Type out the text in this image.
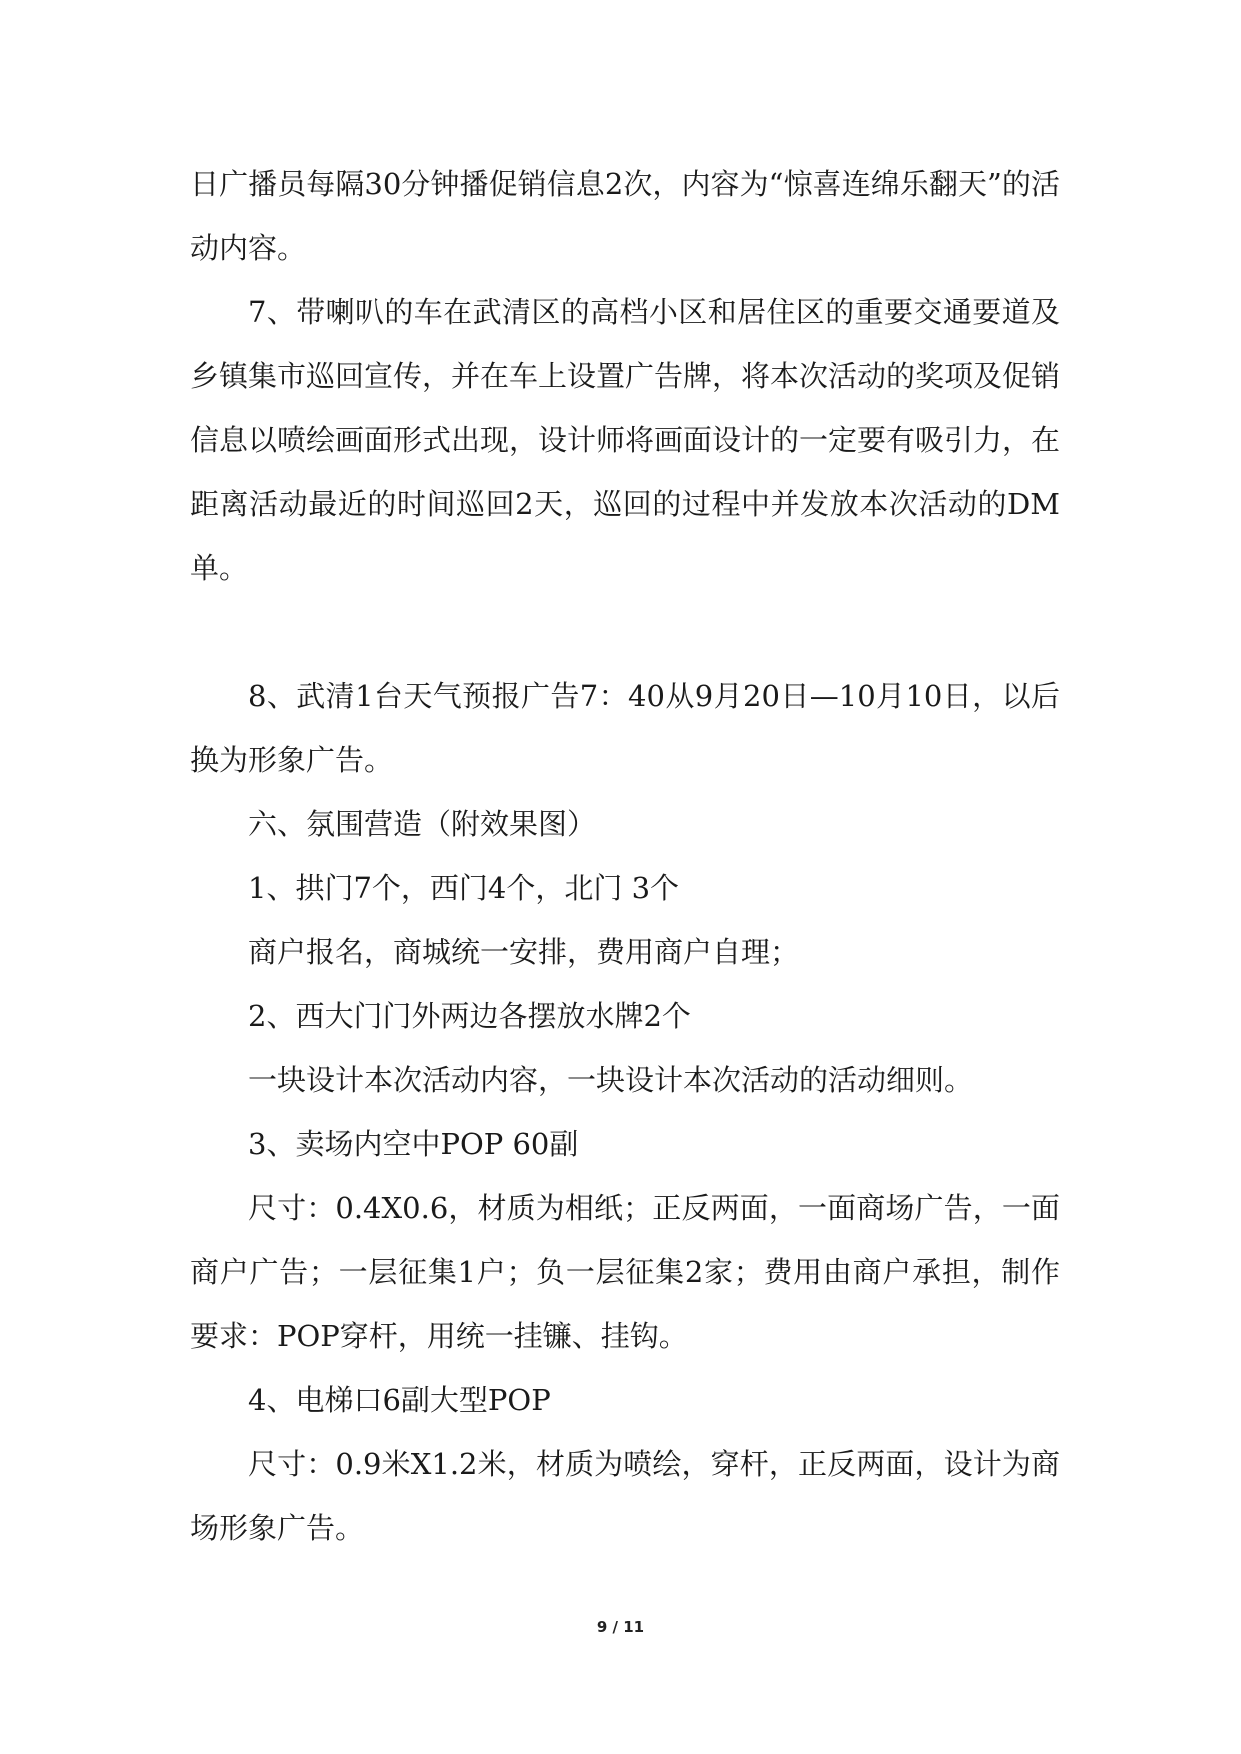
日广播员每隔30分钟播促销信息2次，内容为“惊喜连绵乐翻天”的活动内容。

7、带喇叭的车在武清区的高档小区和居住区的重要交通要道及乡镇集市巡回宣传，并在车上设置广告牌，将本次活动的奖项及促销信息以喷绘画面形式出现，设计师将画面设计的一定要有吸引力，在距离活动最近的时间巡回2天，巡回的过程中并发放本次活动的DM单。

8、武清1台天气预报广告7：40从9月20日—10月10日，以后换为形象广告。

六、氛围营造（附效果图）

1、拱门7个，西门4个，北门 3个

商户报名，商城统一安排，费用商户自理；

2、西大门门外两边各摆放水牌2个

一块设计本次活动内容，一块设计本次活动的活动细则。

3、卖场内空中POP 60副

尺寸：0.4X0.6，材质为相纸；正反两面，一面商场广告，一面商户广告；一层征集1户；负一层征集2家；费用由商户承担，制作要求：POP穿杆，用统一挂镰、挂钩。

4、电梯口6副大型POP

尺寸：0.9米X1.2米，材质为喷绘，穿杆，正反两面，设计为商场形象广告。

9 / 11
